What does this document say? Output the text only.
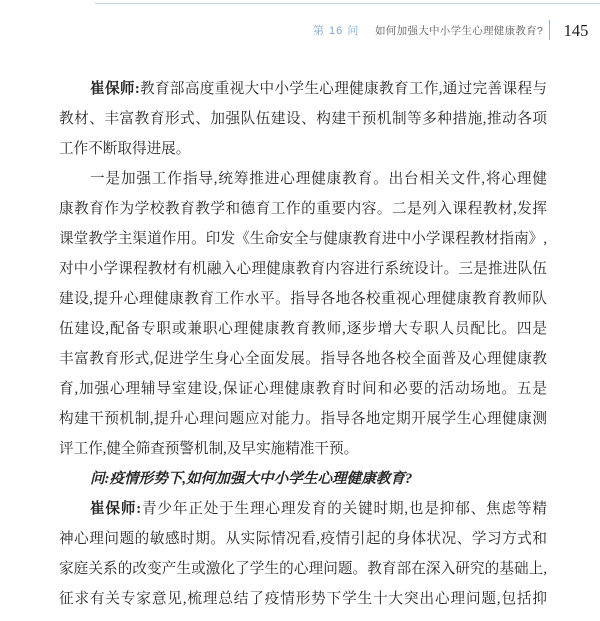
第 16 问 如何加强大中小学生心理健康教育?	145
崔保师:教育部高度重视大中小学生心理健康教育工作,通过完善课程与
教材、丰富教育形式、加强队伍建设、构建干预机制等多种措施,推动各项
工作不断取得进展。
一是加强工作指导,统筹推进心理健康教育。出台相关文件,将心理健
康教育作为学校教育教学和德育工作的重要内容。二是列入课程教材,发挥
课堂教学主渠道作用。印发《生命安全与健康教育进中小学课程教材指南》,
对中小学课程教材有机融入心理健康教育内容进行系统设计。三是推进队伍
建设,提升心理健康教育工作水平。指导各地各校重视心理健康教育教师队
伍建设,配备专职或兼职心理健康教育教师,逐步增大专职人员配比。四是
丰富教育形式,促进学生身心全面发展。指导各地各校全面普及心理健康教
育,加强心理辅导室建设,保证心理健康教育时间和必要的活动场地。五是
构建干预机制,提升心理问题应对能力。指导各地定期开展学生心理健康测
评工作,健全筛查预警机制,及早实施精准干预。
问:疫情形势下,如何加强大中小学生心理健康教育?
崔保师:青少年正处于生理心理发育的关键时期,也是抑郁、焦虑等精
神心理问题的敏感时期。从实际情况看,疫情引起的身体状况、学习方式和
家庭关系的改变产生或激化了学生的心理问题。教育部在深入研究的基础上,
征求有关专家意见,梳理总结了疫情形势下学生十大突出心理问题,包括抑
